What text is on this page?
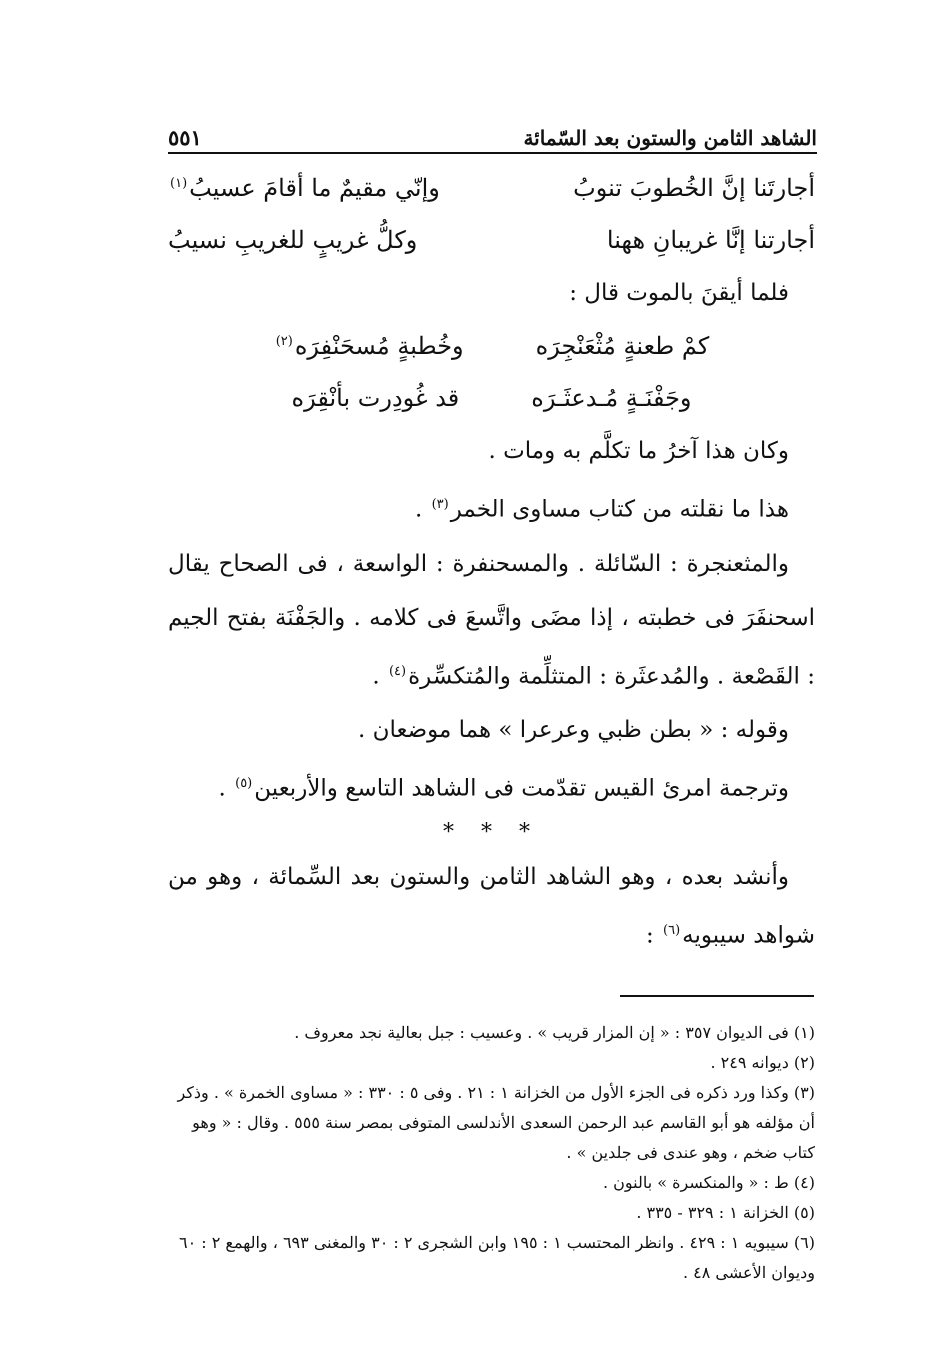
الشاهد الثامن والستون بعد السّمائة
٥٥١
أجارتَنا إنَّ الخُطوبَ تنوبُ
وإنّي مقيمٌ ما أقامَ عسيبُ$^{(١)}$
أجارتنا إنَّا غريبانِ ههنا
وكلُّ غريبٍ للغريبِ نسيبُ

فلما أيقنَ بالموت قال :

كمْ طعنةٍ مُثْعَنْجِرَه
وخُطبةٍ مُسحَنْفِرَه$^{(٢)}$
وجَفْنَـةٍ مُـدعثَـرَه
قد غُودِرت بأنْقِرَه

وكان هذا آخرُ ما تكلَّم به ومات .

هذا ما نقلته من كتاب مساوى الخمر$^{(٣)}$ .

والمثعنجرة : السّائلة . والمسحنفرة : الواسعة ، فى الصحاح يقال اسحنفَرَ فى خطبته ، إذا مضَى واتَّسعَ فى كلامه . والجَفْنَة بفتح الجيم : القَصْعة . والمُدعثَرة : المتثلِّمة والمُتكسِّرة$^{(٤)}$ .

وقوله : « بطن ظبي وعرعرا » هما موضعان .

وترجمة امرئ القيس تقدّمت فى الشاهد التاسع والأربعين$^{(٥)}$ .

* * *

وأنشد بعده ، وهو الشاهد الثامن والستون بعد السِّمائة ، وهو من شواهد سيبويه$^{(٦)}$ :

(١) فى الديوان ٣٥٧ : « إن المزار قريب » . وعسيب : جبل بعالية نجد معروف .

(٢) ديوانه ٢٤٩ .

(٣) وكذا ورد ذكره فى الجزء الأول من الخزانة ١ : ٢١ . وفى ٥ : ٣٣٠ : « مساوى الخمرة » . وذكر أن مؤلفه هو أبو القاسم عبد الرحمن السعدى الأندلسى المتوفى بمصر سنة ٥٥٥ . وقال : « وهو كتاب ضخم ، وهو عندى فى جلدين » .

(٤) ط : « والمنكسرة » بالنون .

(٥) الخزانة ١ : ٣٢٩ - ٣٣٥ .

(٦) سيبويه ١ : ٤٢٩ . وانظر المحتسب ١ : ١٩٥ وابن الشجرى ٢ : ٣٠ والمغنى ٦٩٣ ، والهمع ٢ : ٦٠ وديوان الأعشى ٤٨ .
